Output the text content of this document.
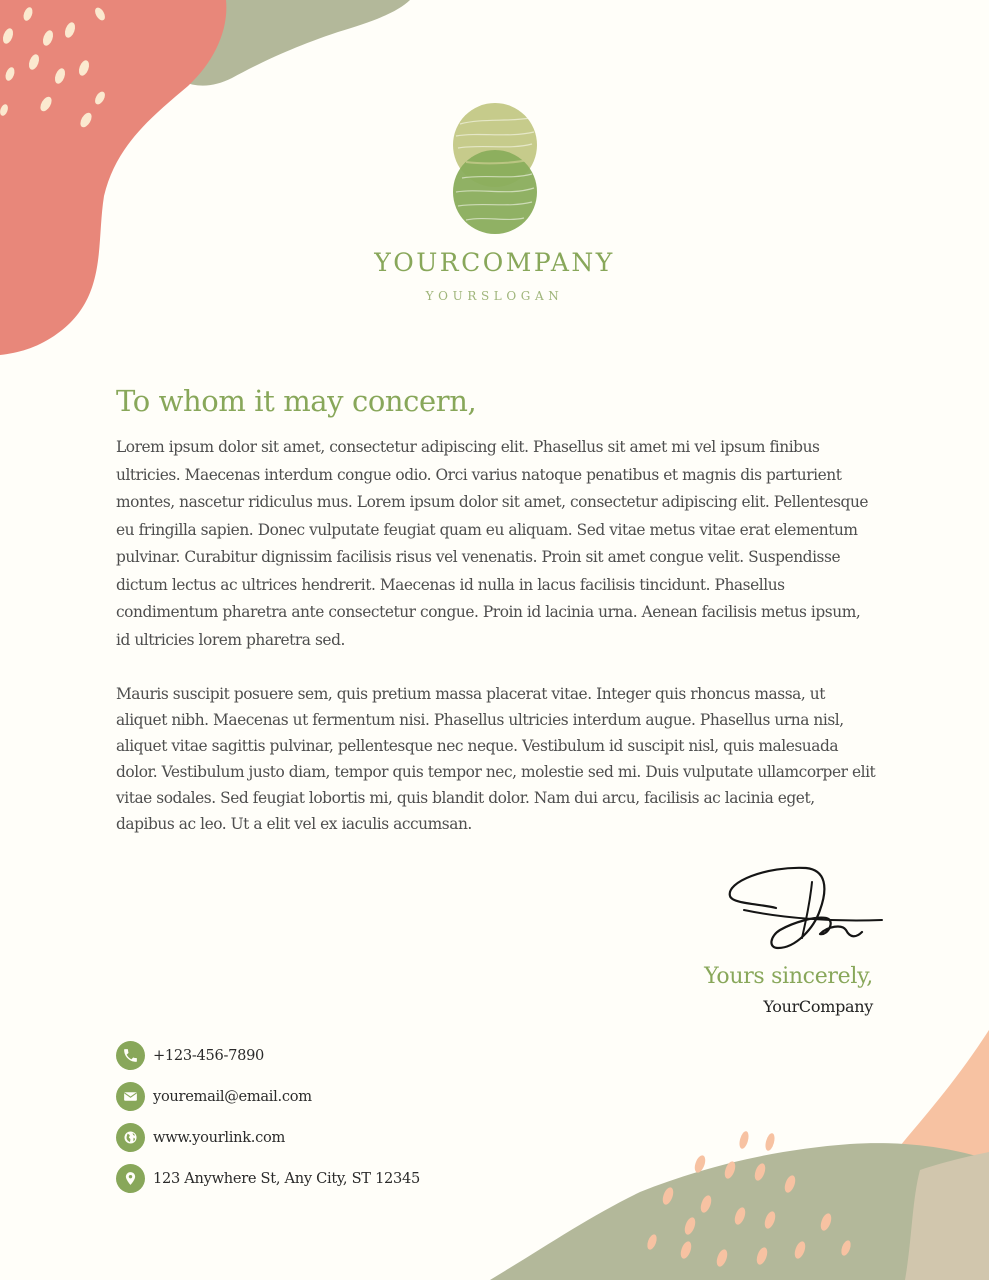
YOURCOMPANY
YOURSLOGAN
To whom it may concern,

Lorem ipsum dolor sit amet, consectetur adipiscing elit. Phasellus sit amet mi vel ipsum finibus ultricies. Maecenas interdum congue odio. Orci varius natoque penatibus et magnis dis parturient montes, nascetur ridiculus mus. Lorem ipsum dolor sit amet, consectetur adipiscing elit. Pellentesque eu fringilla sapien. Donec vulputate feugiat quam eu aliquam. Sed vitae metus vitae erat elementum pulvinar. Curabitur dignissim facilisis risus vel venenatis. Proin sit amet congue velit. Suspendisse dictum lectus ac ultrices hendrerit. Maecenas id nulla in lacus facilisis tincidunt. Phasellus condimentum pharetra ante consectetur congue. Proin id lacinia urna. Aenean facilisis metus ipsum, id ultricies lorem pharetra sed.

Mauris suscipit posuere sem, quis pretium massa placerat vitae. Integer quis rhoncus massa, ut aliquet nibh. Maecenas ut fermentum nisi. Phasellus ultricies interdum augue. Phasellus urna nisl, aliquet vitae sagittis pulvinar, pellentesque nec neque. Vestibulum id suscipit nisl, quis malesuada dolor. Vestibulum justo diam, tempor quis tempor nec, molestie sed mi. Duis vulputate ullamcorper elit vitae sodales. Sed feugiat lobortis mi, quis blandit dolor. Nam dui arcu, facilisis ac lacinia eget, dapibus ac leo. Ut a elit vel ex iaculis accumsan.

Yours sincerely,

YourCompany

+123-456-7890
youremail@email.com
www.yourlink.com
123 Anywhere St, Any City, ST 12345
